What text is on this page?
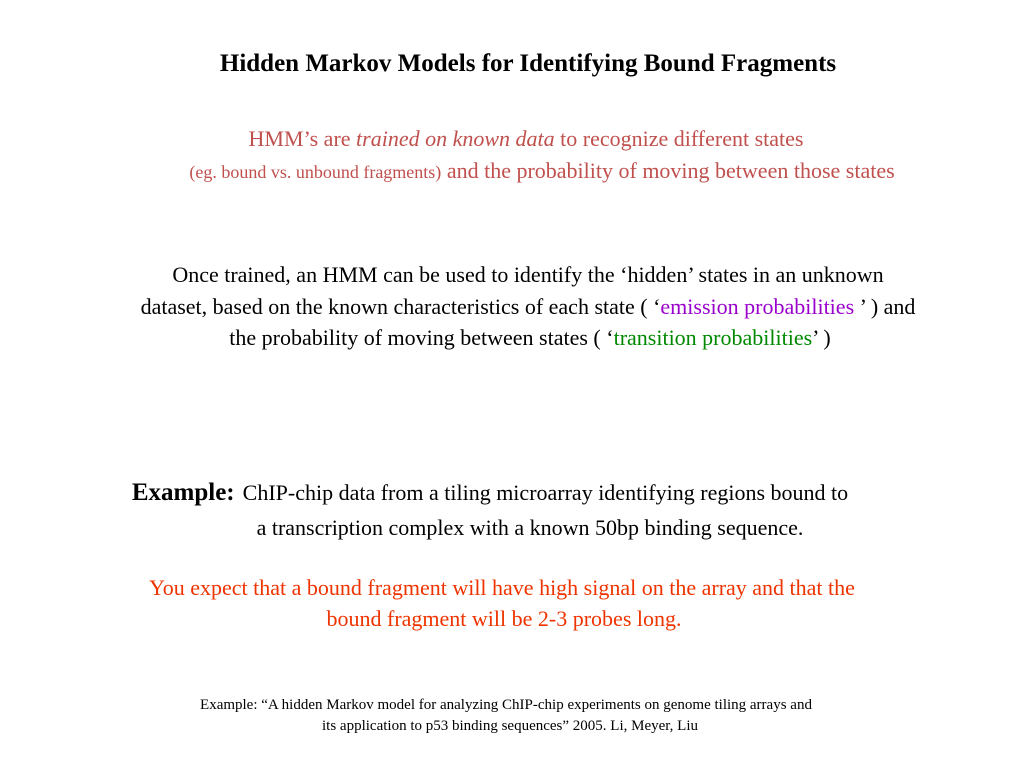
Hidden Markov Models for Identifying Bound Fragments
HMM’s are trained on known data to recognize different states
(eg. bound vs. unbound fragments) and the probability of moving between those states
Once trained, an HMM can be used to identify the ‘hidden’ states in an unknown
dataset, based on the known characteristics of each state ( ‘emission probabilities ’ ) and
the probability of moving between states ( ‘transition probabilities’ )
Example: ChIP-chip data from a tiling microarray identifying regions bound to
a transcription complex with a known 50bp binding sequence.
You expect that a bound fragment will have high signal on the array and that the
bound fragment will be 2-3 probes long.
Example: “A hidden Markov model for analyzing ChIP-chip experiments on genome tiling arrays and
its application to p53 binding sequences” 2005. Li, Meyer, Liu
